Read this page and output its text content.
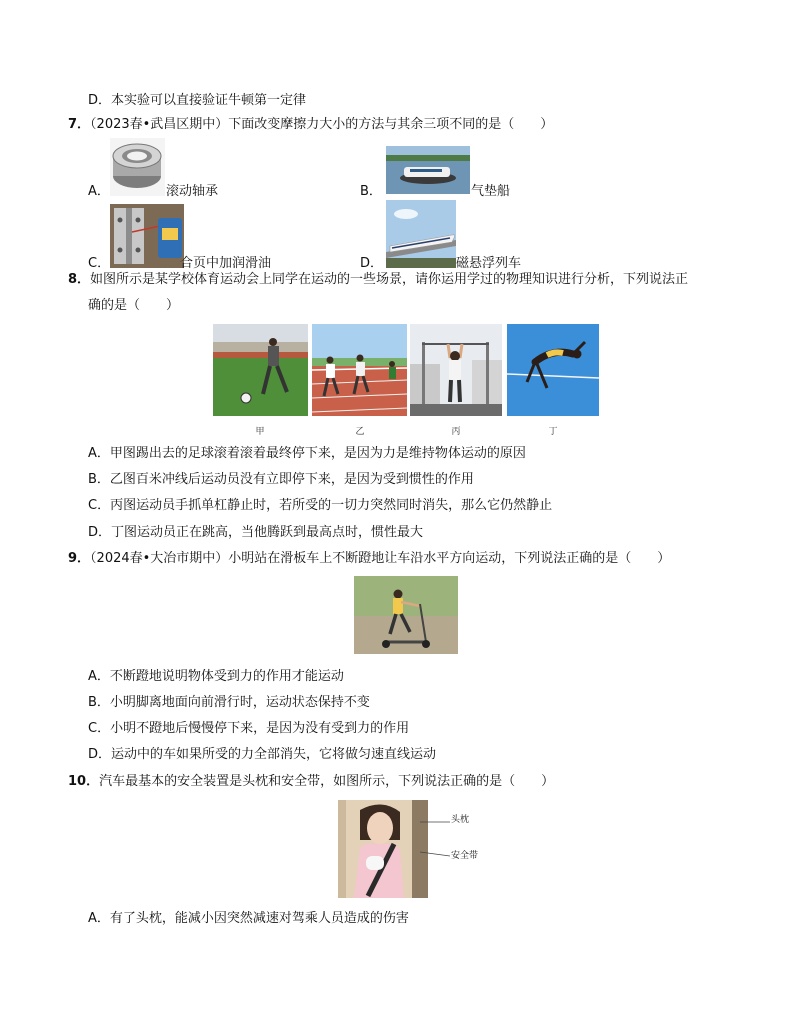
D．本实验可以直接验证牛顿第一定律
7．（2023春•武昌区期中）下面改变摩擦力大小的方法与其余三项不同的是（　　）
A．	滚动轴承	B．	气垫船
C．	合页中加润滑油	D．	磁悬浮列车
8．如图所示是某学校体育运动会上同学在运动的一些场景，请你运用学过的物理知识进行分析，下列说法正
确的是（　　）
甲	乙	丙	丁
A．甲图踢出去的足球滚着滚着最终停下来，是因为力是维持物体运动的原因
B．乙图百米冲线后运动员没有立即停下来，是因为受到惯性的作用
C．丙图运动员手抓单杠静止时，若所受的一切力突然同时消失，那么它仍然静止
D．丁图运动员正在跳高，当他腾跃到最高点时，惯性最大
9．（2024春•大冶市期中）小明站在滑板车上不断蹬地让车沿水平方向运动，下列说法正确的是（　　）
A．不断蹬地说明物体受到力的作用才能运动
B．小明脚离地面向前滑行时，运动状态保持不变
C．小明不蹬地后慢慢停下来，是因为没有受到力的作用
D．运动中的车如果所受的力全部消失，它将做匀速直线运动
10．汽车最基本的安全装置是头枕和安全带，如图所示，下列说法正确的是（　　）
头枕
安全带
A．有了头枕，能减小因突然减速对驾乘人员造成的伤害
